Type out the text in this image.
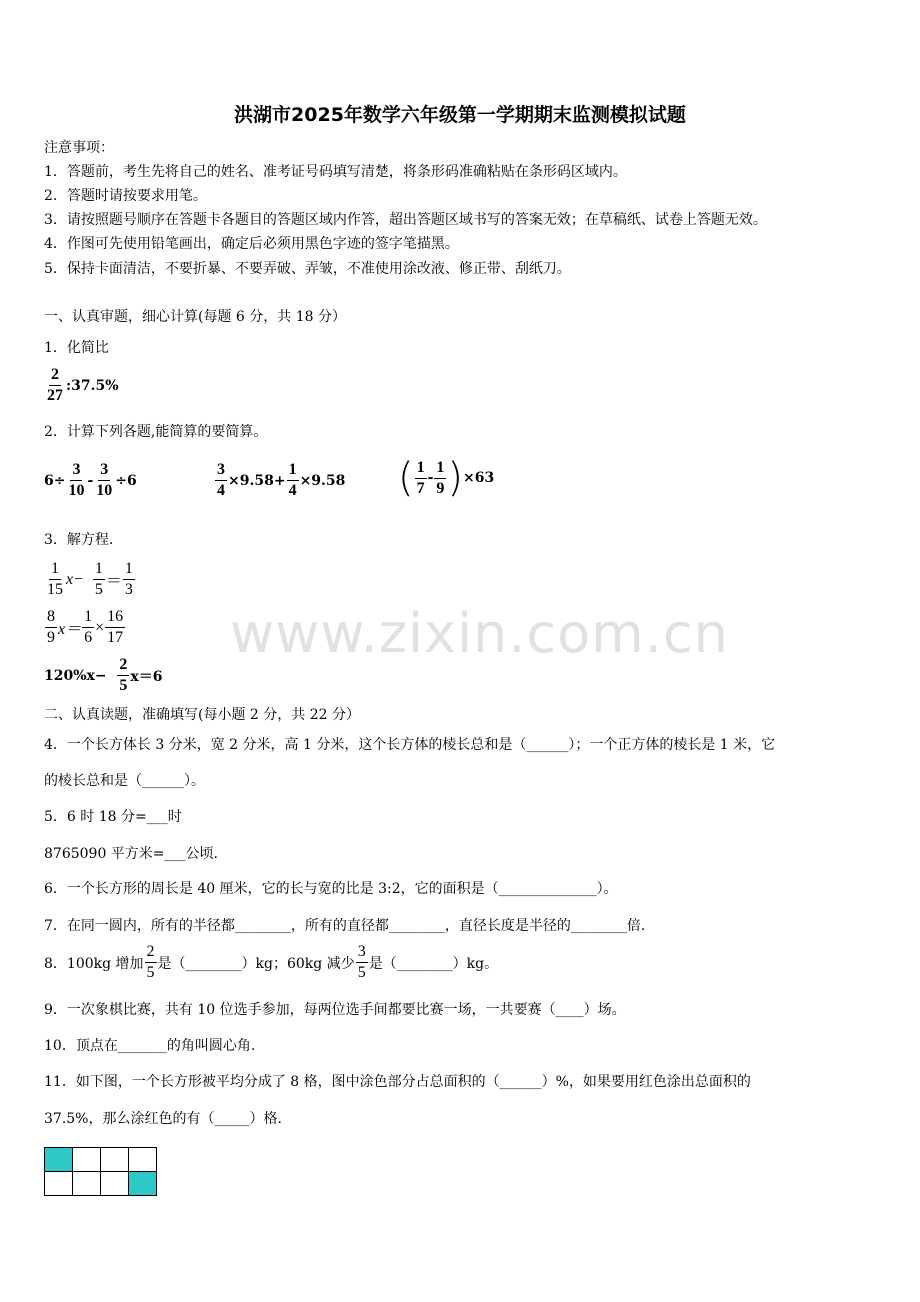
洪湖市2025年数学六年级第一学期期末监测模拟试题
注意事项：
1．答题前，考生先将自己的姓名、准考证号码填写清楚，将条形码准确粘贴在条形码区域内。
2．答题时请按要求用笔。
3．请按照题号顺序在答题卡各题目的答题区域内作答，超出答题区域书写的答案无效；在草稿纸、试卷上答题无效。
4．作图可先使用铅笔画出，确定后必须用黑色字迹的签字笔描黑。
5．保持卡面清洁，不要折暴、不要弄破、弄皱，不准使用涂改液、修正带、刮纸刀。
一、认真审题，细心计算(每题 6 分，共 18 分）
1．化简比
$\frac{2}{27}$ :37.5%
2．计算下列各题,能简算的要简算。
$6\div \frac{3}{10} - \frac{3}{10} \div 6$	$\frac{3}{4} \times 9.58+ \frac{1}{4} \times 9.58$ ( $\frac{1}{7} - \frac{1}{9}$ ) ×63
3．解方程.
$\frac{1}{15} x-$
$\frac{1}{5} = \frac{1}{3}$
$\frac{8}{9} x= \frac{1}{6} \times \frac{16}{17}$
120%x−
$\frac{2}{5} x=6$
二、认真读题，准确填写(每小题 2 分，共 22 分）
4．一个长方体长 3 分米，宽 2 分米，高 1 分米，这个长方体的棱长总和是（______）；一个正方体的棱长是 1 米，它
的棱长总和是（______）。
5．6 时 18 分=___时
8765090 平方米=___公顷.
6．一个长方形的周长是 40 厘米，它的长与宽的比是 3:2，它的面积是（______________）。
7．在同一圆内，所有的半径都________，所有的直径都________，直径长度是半径的________倍.
8．100kg 增加 $\frac{2}{5}$ 是（________）kg；60kg 减少 $\frac{3}{5}$ 是（________）kg。
9．一次象棋比赛，共有 10 位选手参加，每两位选手间都要比赛一场，一共要赛（____）场。
10．顶点在_______的角叫圆心角.
11．如下图，一个长方形被平均分成了 8 格，图中涂色部分占总面积的（______）%，如果要用红色涂出总面积的
37.5%，那么涂红色的有（_____）格.

www.zixin.com.cn
